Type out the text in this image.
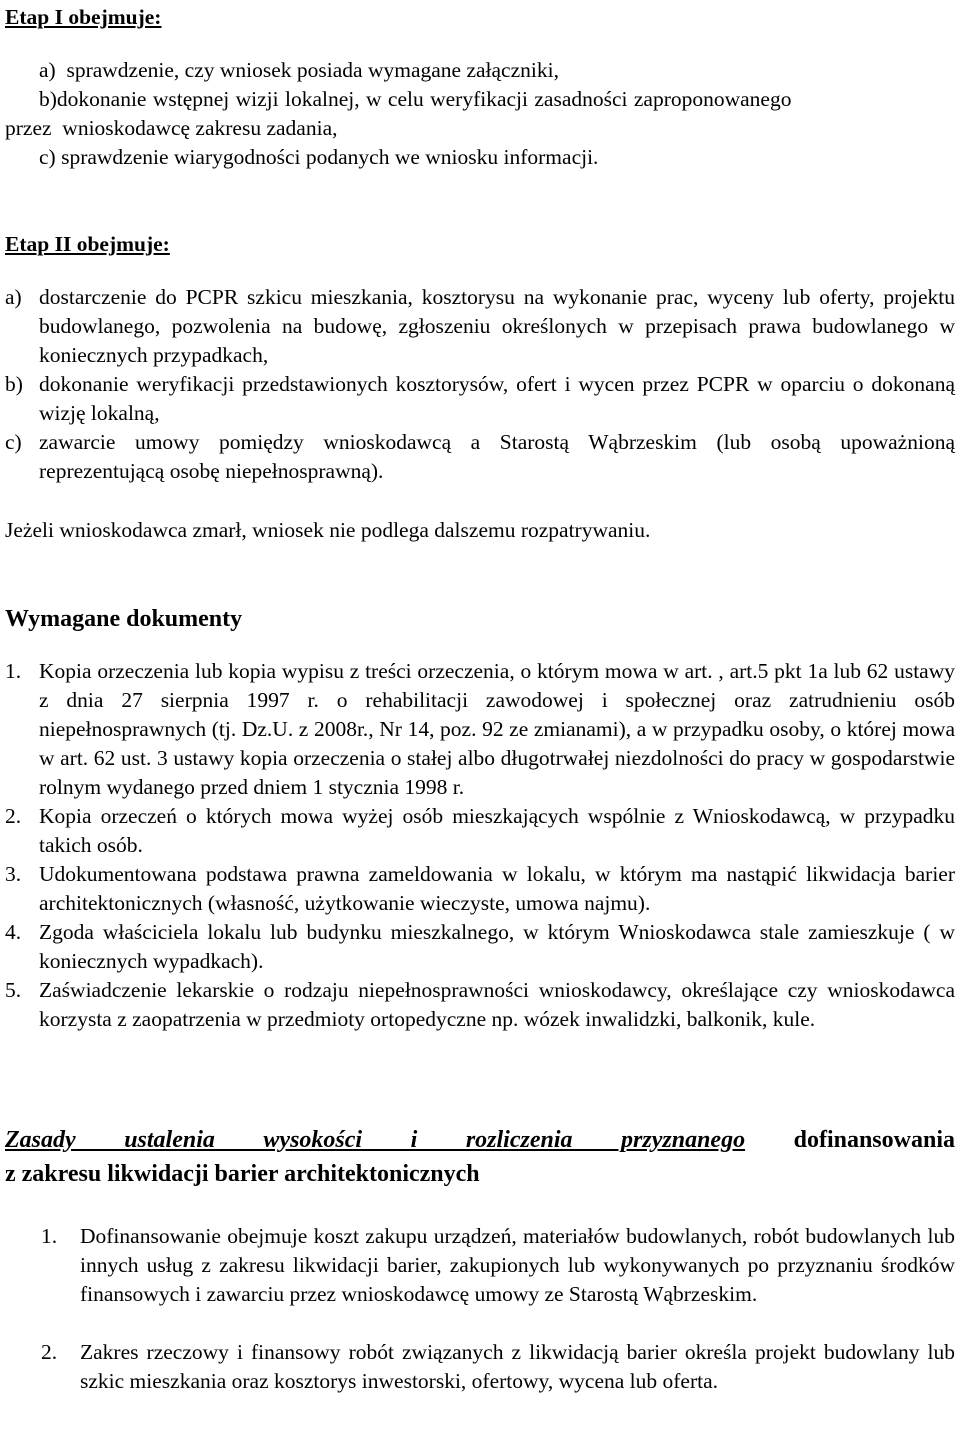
Etap I obejmuje:

a)  sprawdzenie, czy wniosek posiada wymagane załączniki,

b)dokonanie wstępnej wizji lokalnej, w celu weryfikacji zasadności zaproponowanego

przez  wnioskodawcę zakresu zadania,

c) sprawdzenie wiarygodności podanych we wniosku informacji.

Etap II obejmuje:

a) dostarczenie do PCPR szkicu mieszkania, kosztorysu na wykonanie prac, wyceny lub oferty, projektu budowlanego, pozwolenia na budowę, zgłoszeniu określonych w przepisach prawa budowlanego w koniecznych przypadkach,

b) dokonanie weryfikacji przedstawionych kosztorysów, ofert i wycen przez PCPR w oparciu o dokonaną wizję lokalną,

c) zawarcie umowy pomiędzy wnioskodawcą a Starostą Wąbrzeskim (lub osobą upoważnioną reprezentującą osobę niepełnosprawną).

Jeżeli wnioskodawca zmarł, wniosek nie podlega dalszemu rozpatrywaniu.

Wymagane dokumenty

1. Kopia orzeczenia lub kopia wypisu z treści orzeczenia, o którym mowa w art. , art.5 pkt 1a lub 62 ustawy z dnia 27 sierpnia 1997 r. o rehabilitacji zawodowej i społecznej oraz zatrudnieniu osób niepełnosprawnych (tj. Dz.U. z 2008r., Nr 14, poz. 92 ze zmianami), a w przypadku osoby, o której mowa w art. 62 ust. 3 ustawy kopia orzeczenia o stałej albo długotrwałej niezdolności do pracy w gospodarstwie rolnym wydanego przed dniem 1 stycznia 1998 r.

2. Kopia orzeczeń o których mowa wyżej osób mieszkających wspólnie z Wnioskodawcą, w przypadku takich osób.

3. Udokumentowana podstawa prawna zameldowania w lokalu, w którym ma nastąpić likwidacja barier architektonicznych (własność, użytkowanie wieczyste, umowa najmu).

4. Zgoda właściciela lokalu lub budynku mieszkalnego, w którym Wnioskodawca stale zamieszkuje ( w koniecznych wypadkach).

5. Zaświadczenie lekarskie o rodzaju niepełnosprawności wnioskodawcy, określające czy wnioskodawca korzysta z zaopatrzenia w przedmioty ortopedyczne np. wózek inwalidzki, balkonik, kule.

Zasady ustalenia wysokości i rozliczenia przyznanego dofinansowania

z zakresu likwidacji barier architektonicznych

1. Dofinansowanie obejmuje koszt zakupu urządzeń, materiałów budowlanych, robót budowlanych lub innych usług z zakresu likwidacji barier, zakupionych lub wykonywanych po przyznaniu środków finansowych i zawarciu przez wnioskodawcę umowy ze Starostą Wąbrzeskim.

2. Zakres rzeczowy i finansowy robót związanych z likwidacją barier określa projekt budowlany lub szkic mieszkania oraz kosztorys inwestorski, ofertowy, wycena lub oferta.
